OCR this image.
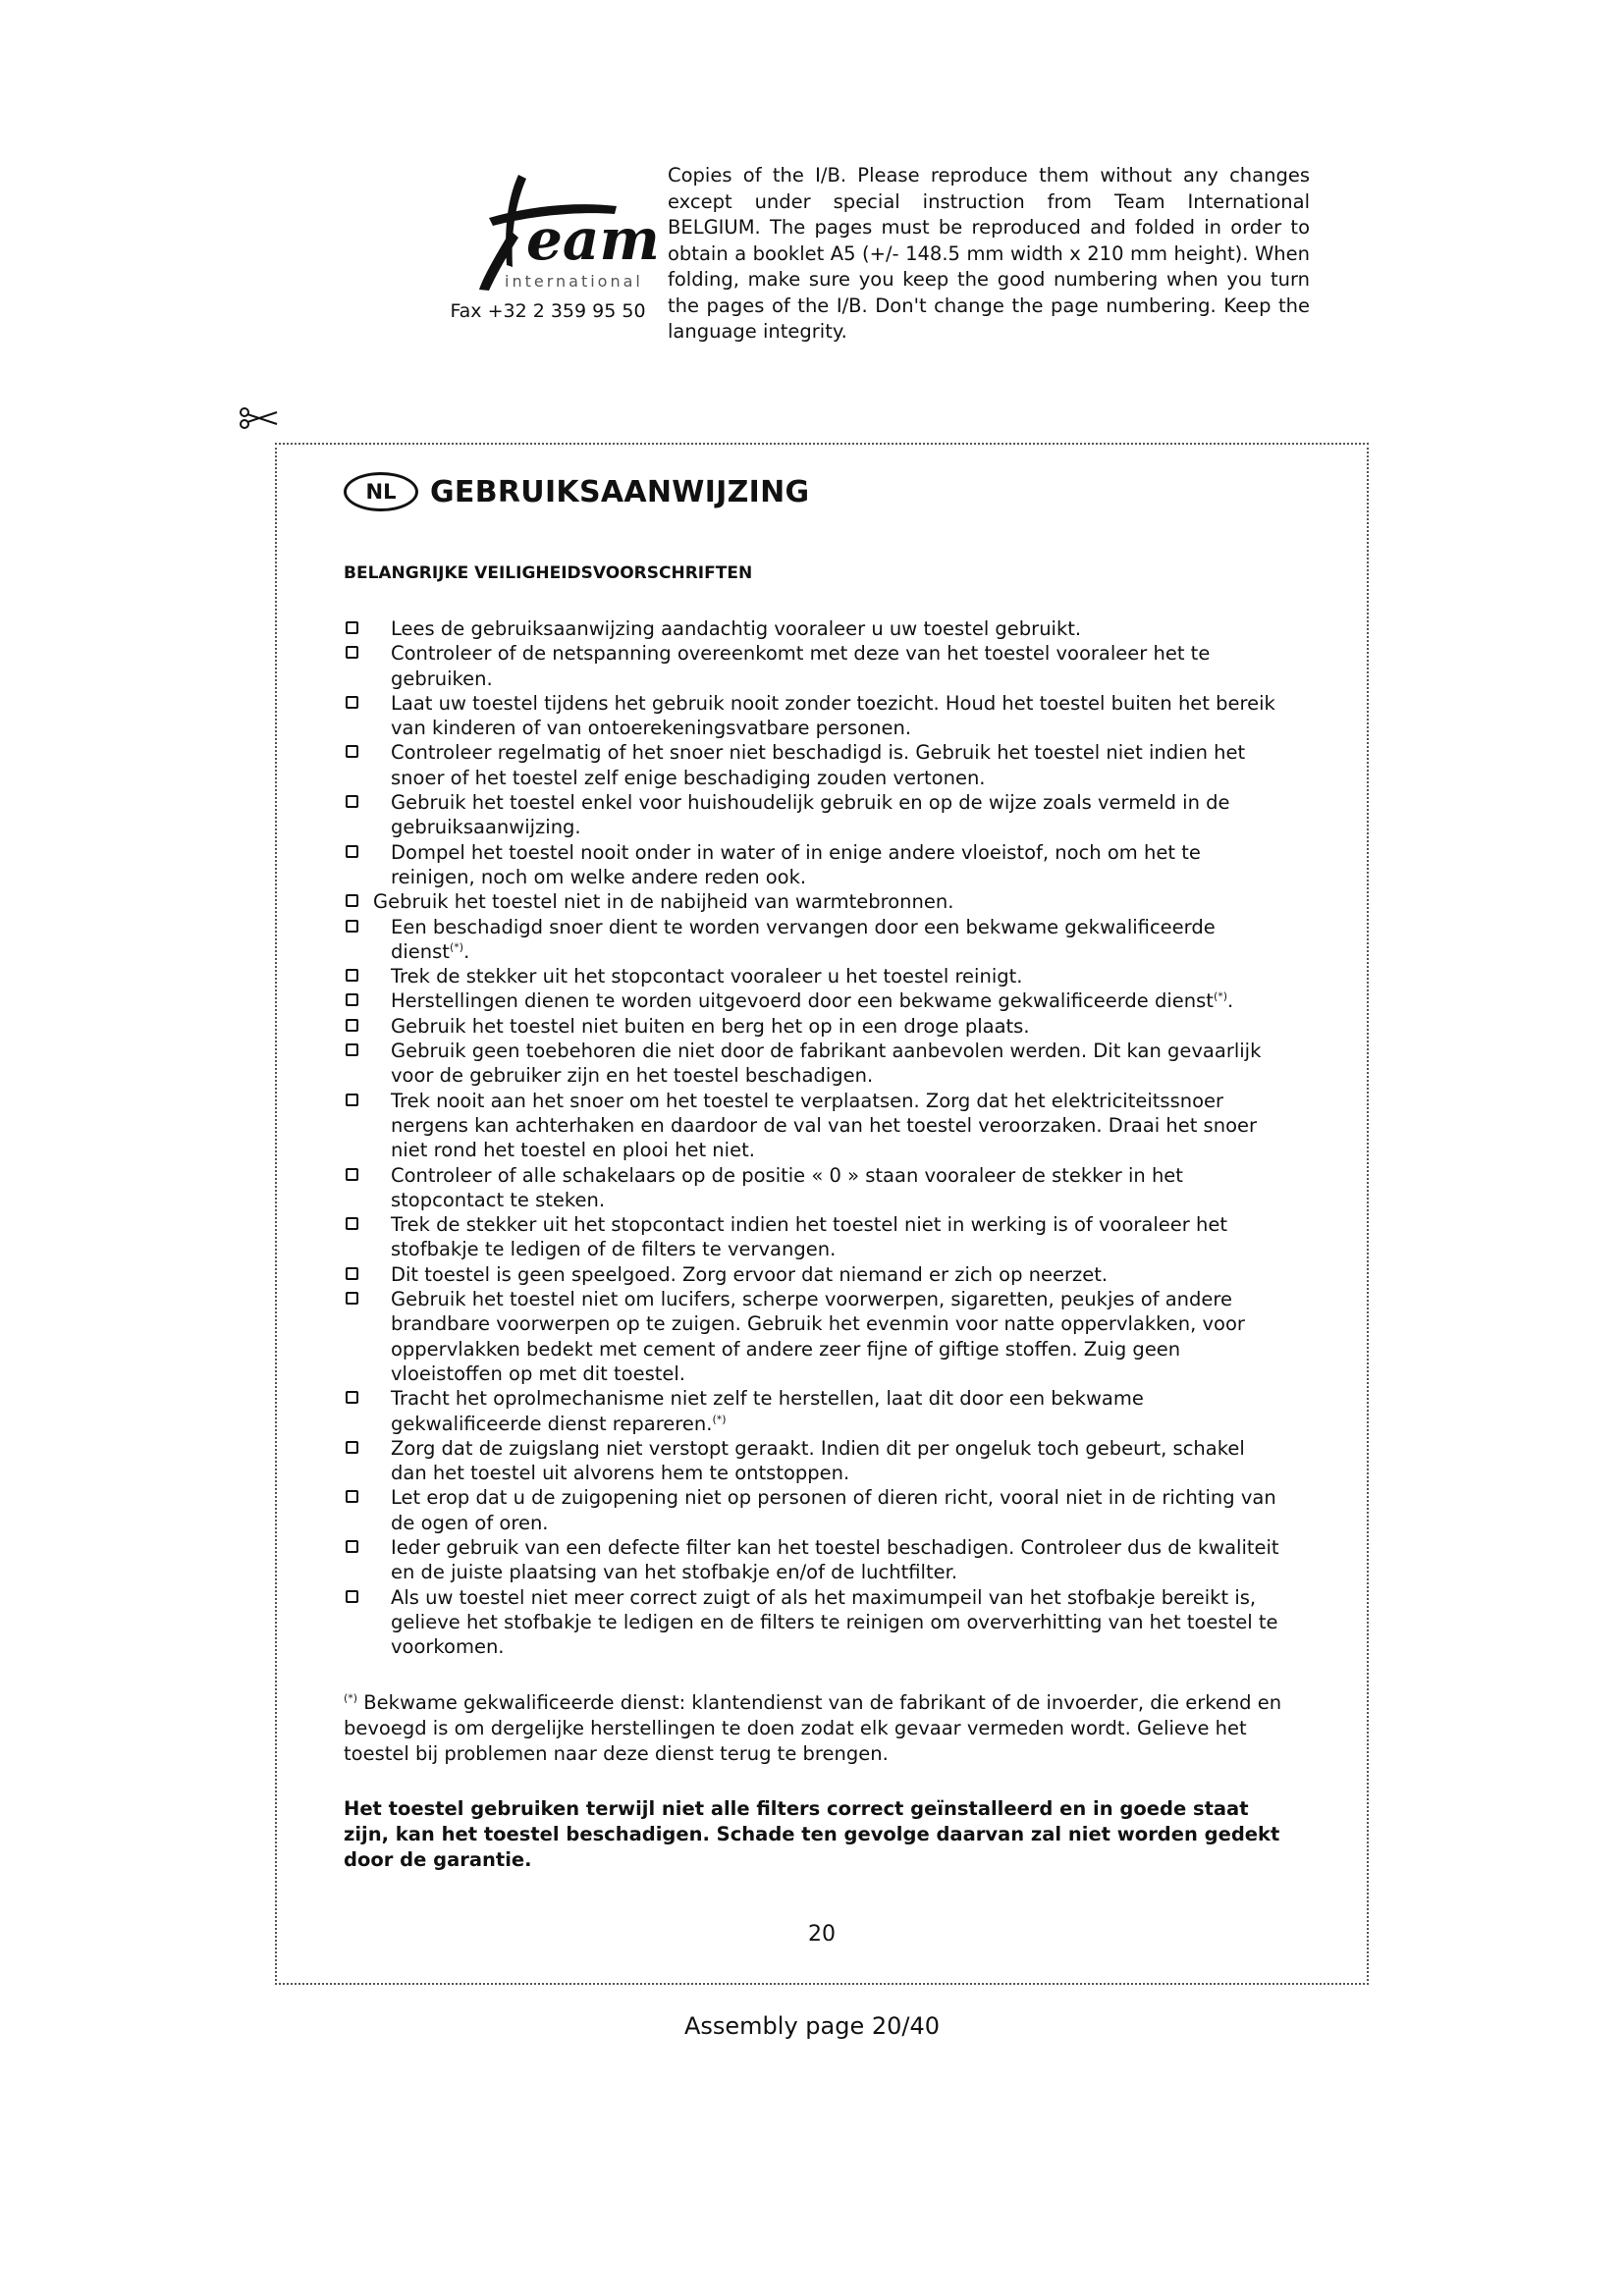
eam
international
Fax +32 2 359 95 50

Copies of the I/B. Please reproduce them without any changes except under special instruction from Team International BELGIUM. The pages must be reproduced and folded in order to obtain a booklet A5 (+/- 148.5 mm width x 210 mm height). When folding, make sure you keep the good numbering when you turn the pages of the I/B. Don't change the page numbering. Keep the language integrity.

NL	GEBRUIKSAANWIJZING
BELANGRIJKE VEILIGHEIDSVOORSCHRIFTEN
Lees de gebruiksaanwijzing aandachtig vooraleer u uw toestel gebruikt.
Controleer of de netspanning overeenkomt met deze van het toestel vooraleer het te gebruiken.
Laat uw toestel tijdens het gebruik nooit zonder toezicht. Houd het toestel buiten het bereik van kinderen of van ontoerekeningsvatbare personen.
Controleer regelmatig of het snoer niet beschadigd is. Gebruik het toestel niet indien het snoer of het toestel zelf enige beschadiging zouden vertonen.
Gebruik het toestel enkel voor huishoudelijk gebruik en op de wijze zoals vermeld in de gebruiksaanwijzing.
Dompel het toestel nooit onder in water of in enige andere vloeistof, noch om het te reinigen, noch om welke andere reden ook.
Gebruik het toestel niet in de nabijheid van warmtebronnen.
Een beschadigd snoer dient te worden vervangen door een bekwame gekwalificeerde dienst(*).
Trek de stekker uit het stopcontact vooraleer u het toestel reinigt.
Herstellingen dienen te worden uitgevoerd door een bekwame gekwalificeerde dienst(*).
Gebruik het toestel niet buiten en berg het op in een droge plaats.
Gebruik geen toebehoren die niet door de fabrikant aanbevolen werden. Dit kan gevaarlijk voor de gebruiker zijn en het toestel beschadigen.
Trek nooit aan het snoer om het toestel te verplaatsen. Zorg dat het elektriciteitssnoer nergens kan achterhaken en daardoor de val van het toestel veroorzaken. Draai het snoer niet rond het toestel en plooi het niet.
Controleer of alle schakelaars op de positie « 0 » staan vooraleer de stekker in het stopcontact te steken.
Trek de stekker uit het stopcontact indien het toestel niet in werking is of vooraleer het stofbakje te ledigen of de filters te vervangen.
Dit toestel is geen speelgoed. Zorg ervoor dat niemand er zich op neerzet.
Gebruik het toestel niet om lucifers, scherpe voorwerpen, sigaretten, peukjes of andere brandbare voorwerpen op te zuigen. Gebruik het evenmin voor natte oppervlakken, voor oppervlakken bedekt met cement of andere zeer fijne of giftige stoffen. Zuig geen vloeistoffen op met dit toestel.
Tracht het oprolmechanisme niet zelf te herstellen, laat dit door een bekwame gekwalificeerde dienst repareren.(*)
Zorg dat de zuigslang niet verstopt geraakt. Indien dit per ongeluk toch gebeurt, schakel dan het toestel uit alvorens hem te ontstoppen.
Let erop dat u de zuigopening niet op personen of dieren richt, vooral niet in de richting van de ogen of oren.
Ieder gebruik van een defecte filter kan het toestel beschadigen. Controleer dus de kwaliteit en de juiste plaatsing van het stofbakje en/of de luchtfilter.
Als uw toestel niet meer correct zuigt of als het maximumpeil van het stofbakje bereikt is, gelieve het stofbakje te ledigen en de filters te reinigen om oververhitting van het toestel te voorkomen.
(*) Bekwame gekwalificeerde dienst: klantendienst van de fabrikant of de invoerder, die erkend en bevoegd is om dergelijke herstellingen te doen zodat elk gevaar vermeden wordt. Gelieve het toestel bij problemen naar deze dienst terug te brengen.
Het toestel gebruiken terwijl niet alle filters correct geïnstalleerd en in goede staat zijn, kan het toestel beschadigen. Schade ten gevolge daarvan zal niet worden gedekt door de garantie.
20
Assembly page 20/40
